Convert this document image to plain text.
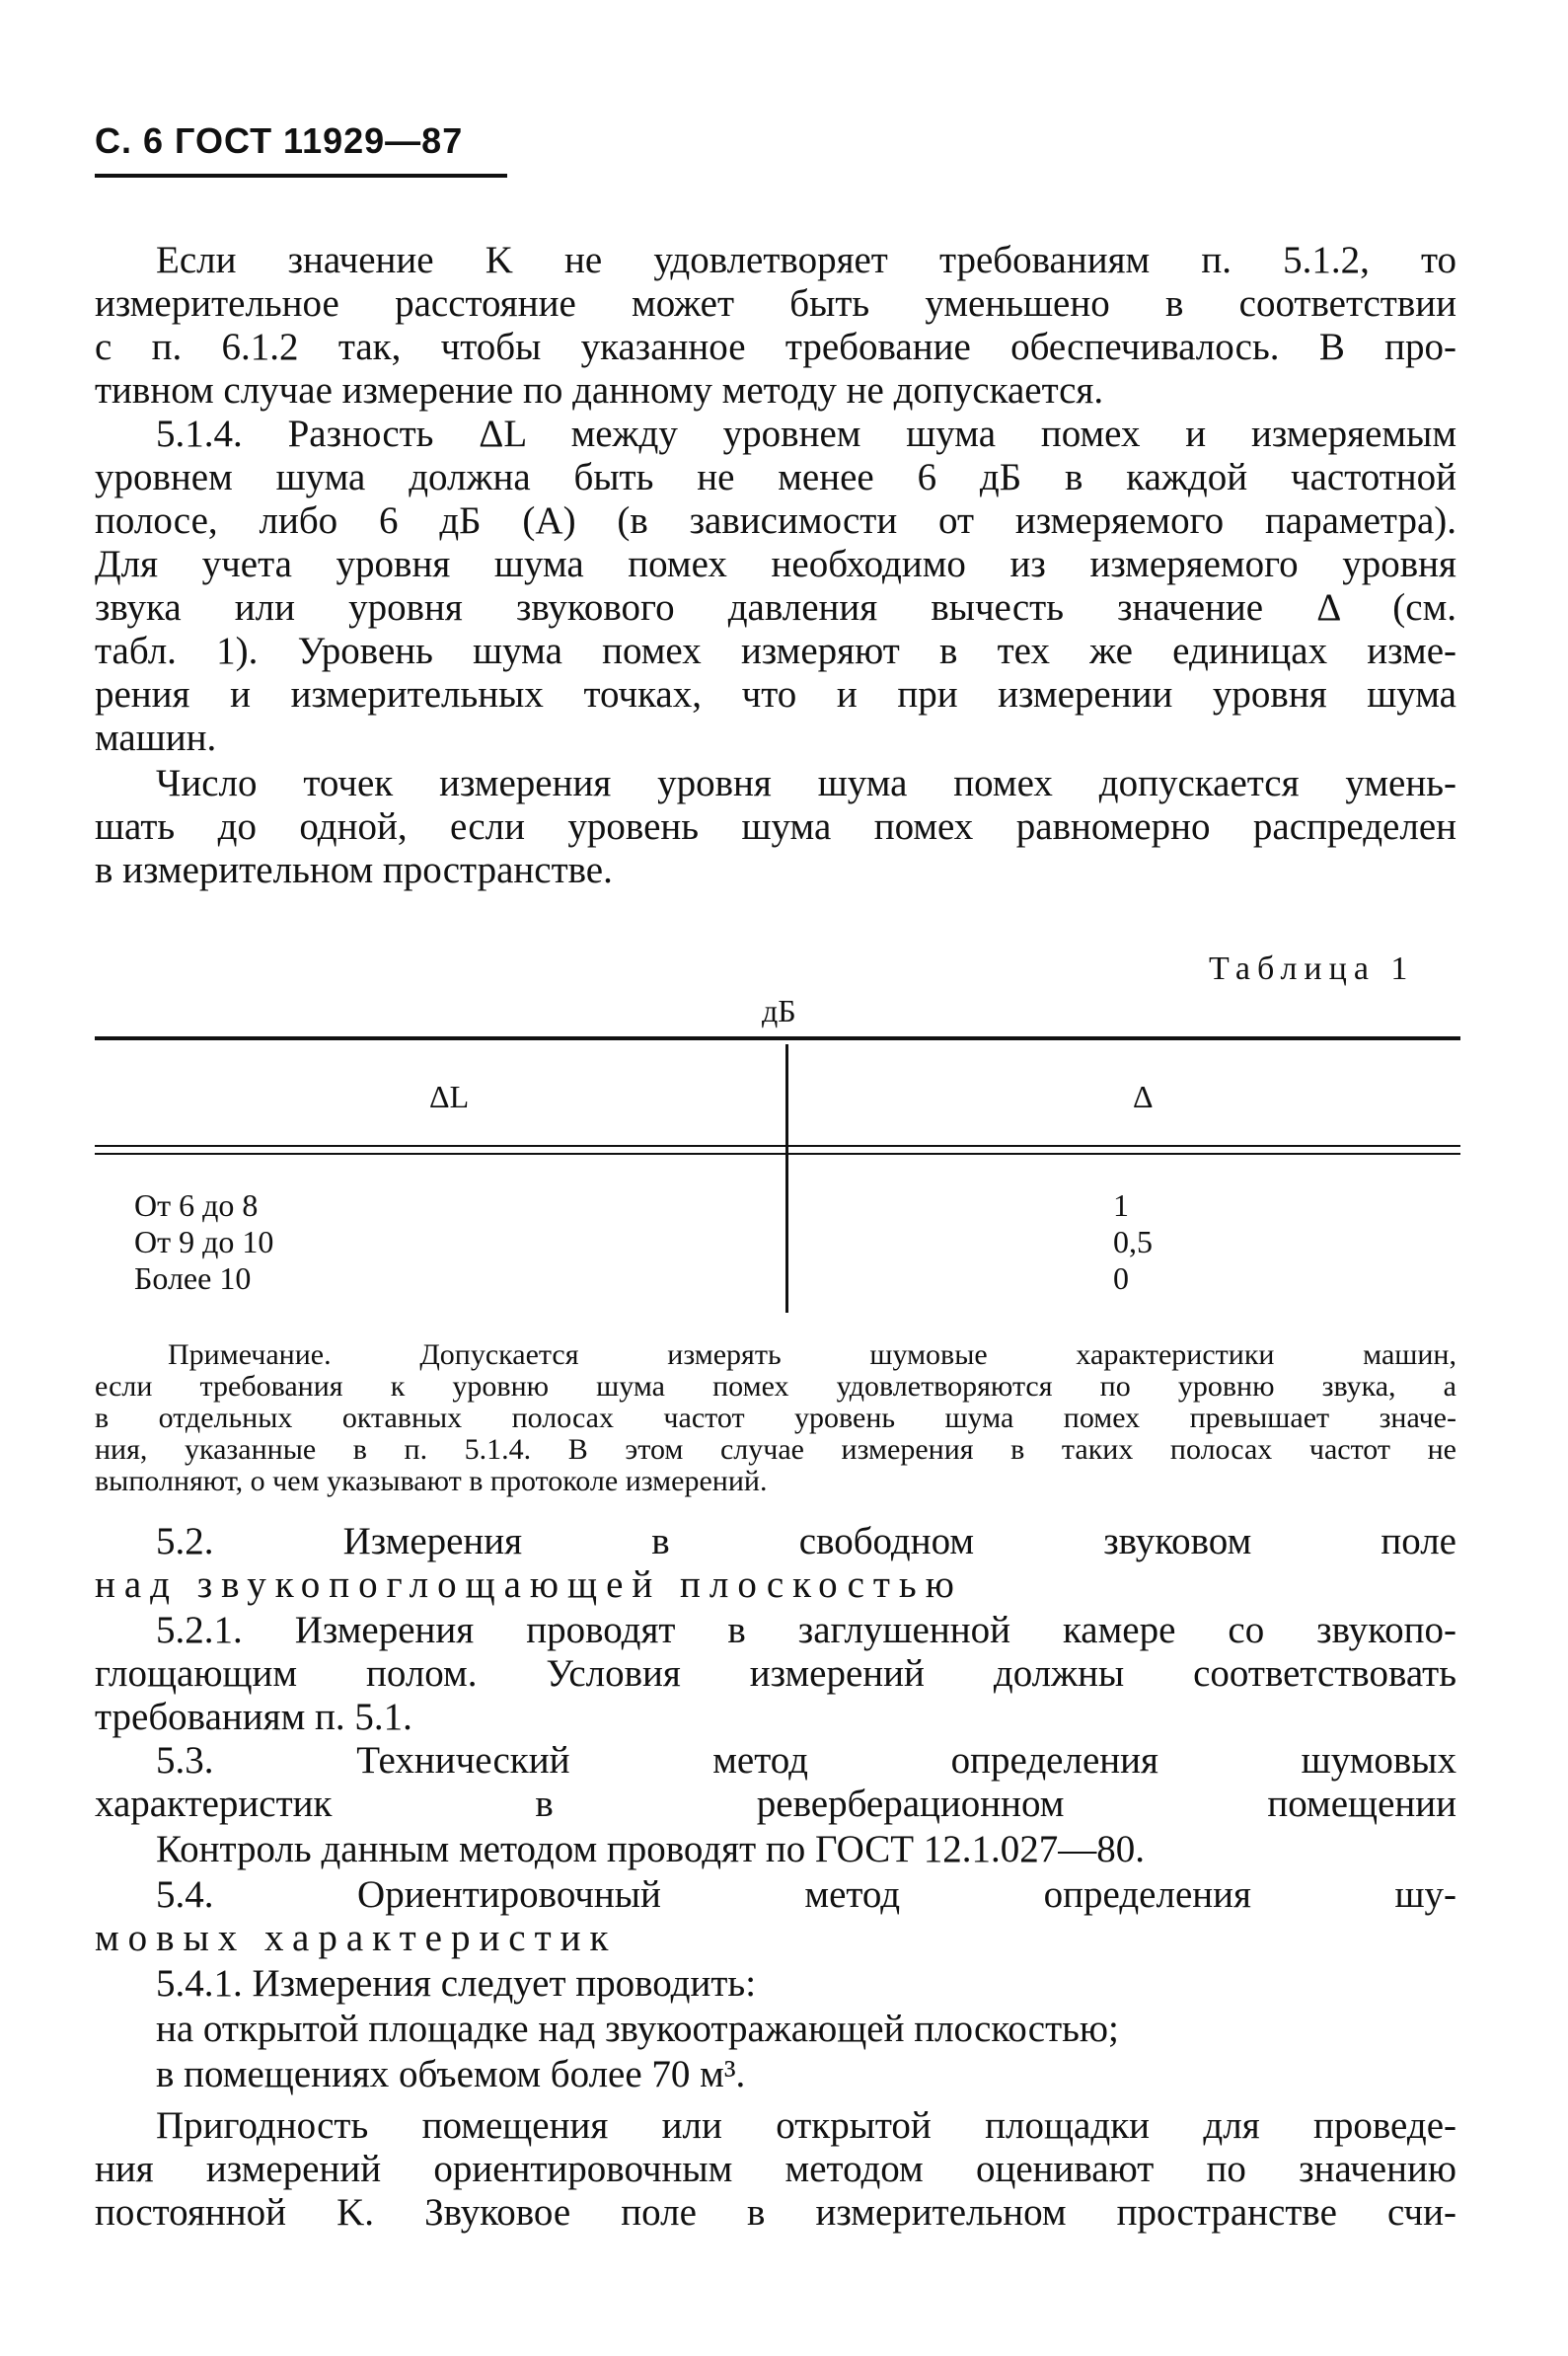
С. 6 ГОСТ 11929—87
Если значение K не удовлетворяет требованиям п. 5.1.2, то
измерительное расстояние может быть уменьшено в соответствии
с п. 6.1.2 так, чтобы указанное требование обеспечивалось. В про-
тивном случае измерение по данному методу не допускается.
5.1.4. Разность ΔL между уровнем шума помех и измеряемым
уровнем шума должна быть не менее 6 дБ в каждой частотной
полосе, либо 6 дБ (A) (в зависимости от измеряемого параметра).
Для учета уровня шума помех необходимо из измеряемого уровня
звука или уровня звукового давления вычесть значение Δ (см.
табл. 1). Уровень шума помех измеряют в тех же единицах изме-
рения и измерительных точках, что и при измерении уровня шума
машин.
Число точек измерения уровня шума помех допускается умень-
шать до одной, если уровень шума помех равномерно распределен
в измерительном пространстве.
Таблица 1
дБ
ΔL	Δ
От 6 до 8	1
От 9 до 10	0,5
Более 10	0
Примечание. Допускается измерять шумовые характеристики машин,
если требования к уровню шума помех удовлетворяются по уровню звука, а
в отдельных октавных полосах частот уровень шума помех превышает значе-
ния, указанные в п. 5.1.4. В этом случае измерения в таких полосах частот не
выполняют, о чем указывают в протоколе измерений.
5.2. Измерения в свободном звуковом поле
над звукопоглощающей плоскостью
5.2.1. Измерения проводят в заглушенной камере со звукопо-
глощающим полом. Условия измерений должны соответствовать
требованиям п. 5.1.
5.3. Технический метод определения шумовых
характеристик в реверберационном помещении
Контроль данным методом проводят по ГОСТ 12.1.027—80.
5.4. Ориентировочный метод определения шу-
мовых характеристик
5.4.1. Измерения следует проводить:
на открытой площадке над звукоотражающей плоскостью;
в помещениях объемом более 70 м³.
Пригодность помещения или открытой площадки для проведе-
ния измерений ориентировочным методом оценивают по значению
постоянной K. Звуковое поле в измерительном пространстве счи-
